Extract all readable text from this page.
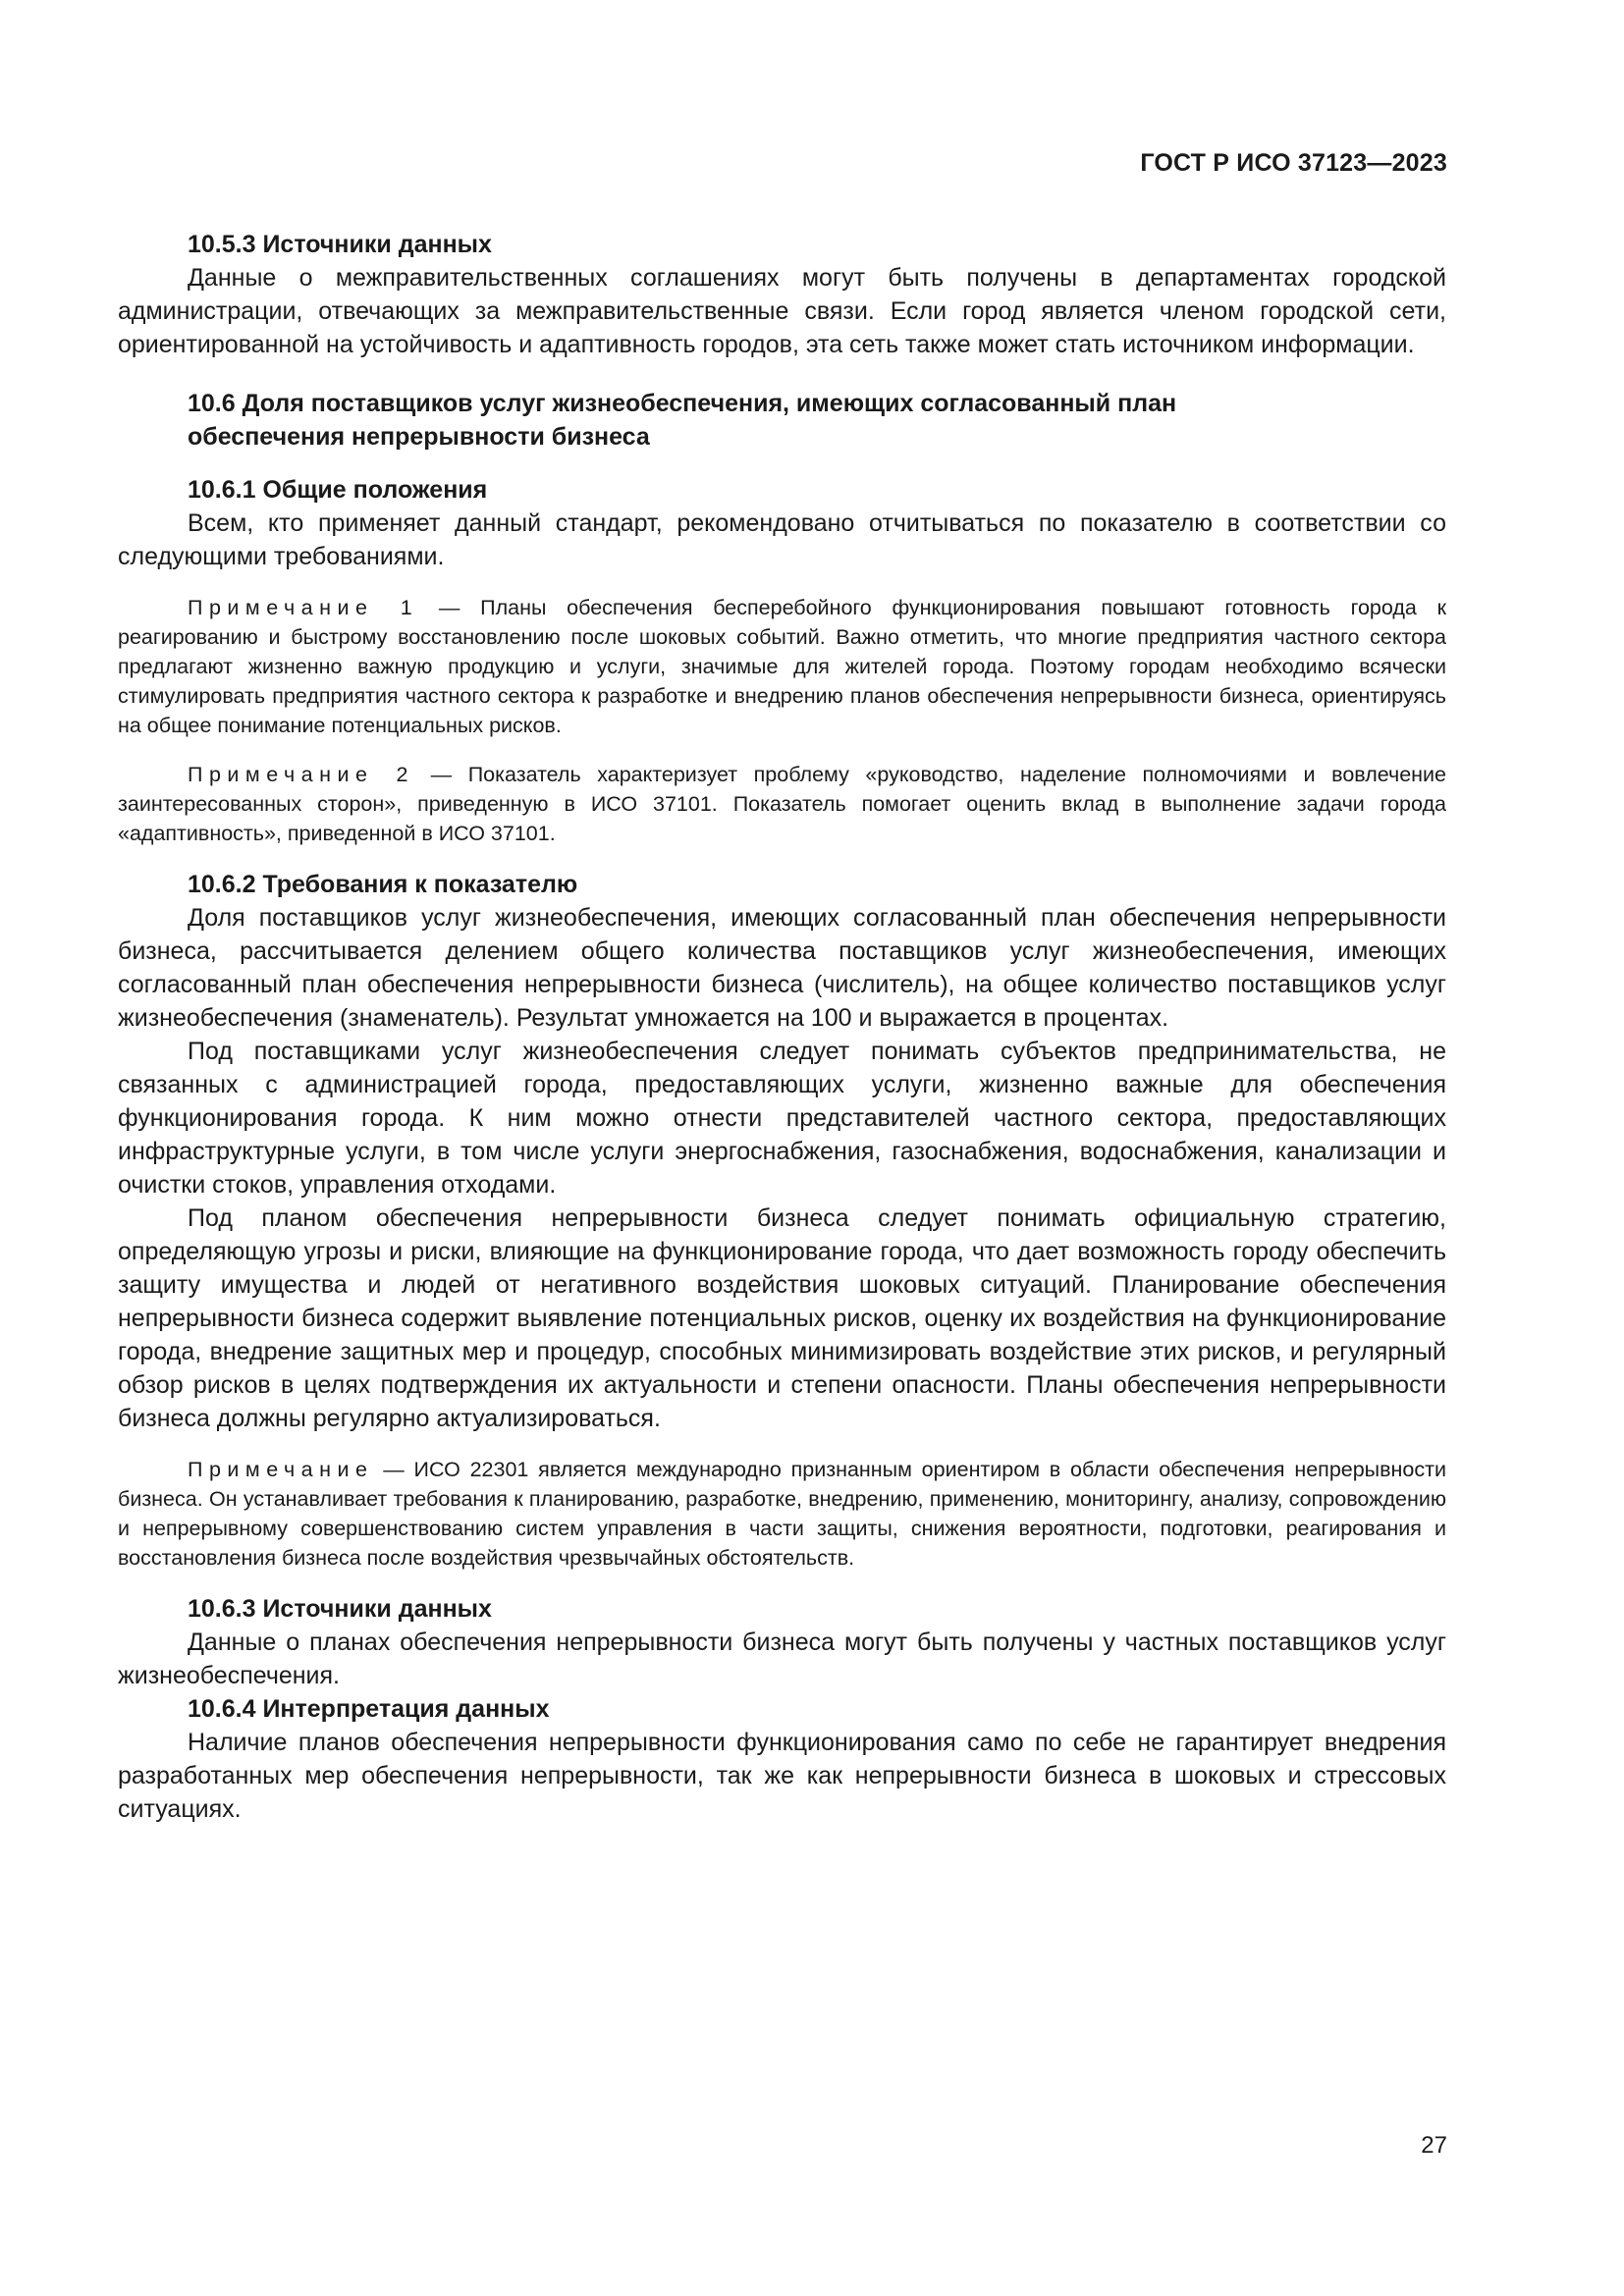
ГОСТ Р ИСО 37123—2023

10.5.3 Источники данных

Данные о межправительственных соглашениях могут быть получены в департаментах городской администрации, отвечающих за межправительственные связи. Если город является членом городской сети, ориентированной на устойчивость и адаптивность городов, эта сеть также может стать источником информации.

10.6 Доля поставщиков услуг жизнеобеспечения, имеющих согласованный план

обеспечения непрерывности бизнеса

10.6.1 Общие положения

Всем, кто применяет данный стандарт, рекомендовано отчитываться по показателю в соответствии со следующими требованиями.

Примечание 1 — Планы обеспечения бесперебойного функционирования повышают готовность города к реагированию и быстрому восстановлению после шоковых событий. Важно отметить, что многие предприятия частного сектора предлагают жизненно важную продукцию и услуги, значимые для жителей города. Поэтому городам необходимо всячески стимулировать предприятия частного сектора к разработке и внедрению планов обеспечения непрерывности бизнеса, ориентируясь на общее понимание потенциальных рисков.

Примечание 2 — Показатель характеризует проблему «руководство, наделение полномочиями и вовлечение заинтересованных сторон», приведенную в ИСО 37101. Показатель помогает оценить вклад в выполнение задачи города «адаптивность», приведенной в ИСО 37101.

10.6.2 Требования к показателю

Доля поставщиков услуг жизнеобеспечения, имеющих согласованный план обеспечения непрерывности бизнеса, рассчитывается делением общего количества поставщиков услуг жизнеобеспечения, имеющих согласованный план обеспечения непрерывности бизнеса (числитель), на общее количество поставщиков услуг жизнеобеспечения (знаменатель). Результат умножается на 100 и выражается в процентах.

Под поставщиками услуг жизнеобеспечения следует понимать субъектов предпринимательства, не связанных с администрацией города, предоставляющих услуги, жизненно важные для обеспечения функционирования города. К ним можно отнести представителей частного сектора, предоставляющих инфраструктурные услуги, в том числе услуги энергоснабжения, газоснабжения, водоснабжения, канализации и очистки стоков, управления отходами.

Под планом обеспечения непрерывности бизнеса следует понимать официальную стратегию, определяющую угрозы и риски, влияющие на функционирование города, что дает возможность городу обеспечить защиту имущества и людей от негативного воздействия шоковых ситуаций. Планирование обеспечения непрерывности бизнеса содержит выявление потенциальных рисков, оценку их воздействия на функционирование города, внедрение защитных мер и процедур, способных минимизировать воздействие этих рисков, и регулярный обзор рисков в целях подтверждения их актуальности и степени опасности. Планы обеспечения непрерывности бизнеса должны регулярно актуализироваться.

Примечание — ИСО 22301 является международно признанным ориентиром в области обеспечения непрерывности бизнеса. Он устанавливает требования к планированию, разработке, внедрению, применению, мониторингу, анализу, сопровождению и непрерывному совершенствованию систем управления в части защиты, снижения вероятности, подготовки, реагирования и восстановления бизнеса после воздействия чрезвычайных обстоятельств.

10.6.3 Источники данных

Данные о планах обеспечения непрерывности бизнеса могут быть получены у частных поставщиков услуг жизнеобеспечения.

10.6.4 Интерпретация данных

Наличие планов обеспечения непрерывности функционирования само по себе не гарантирует внедрения разработанных мер обеспечения непрерывности, так же как непрерывности бизнеса в шоковых и стрессовых ситуациях.

27
